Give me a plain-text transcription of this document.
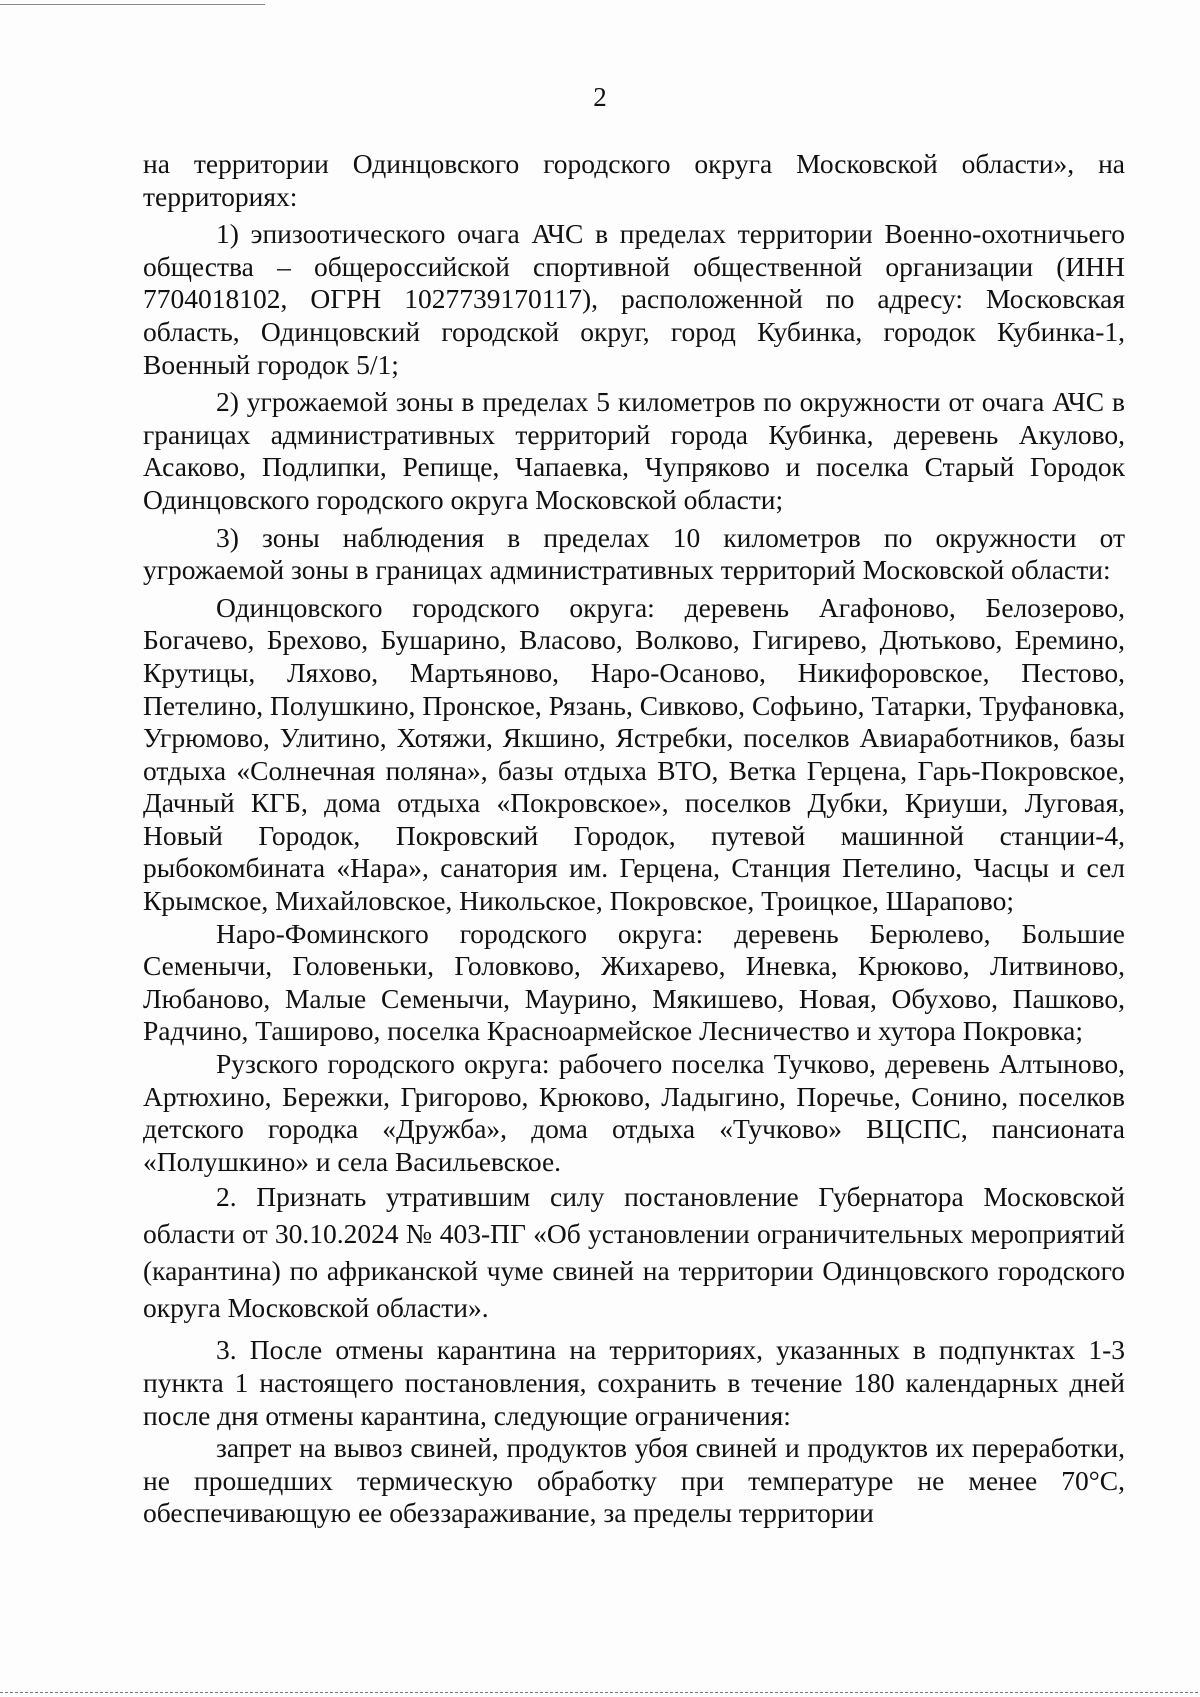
2

на территории Одинцовского городского округа Московской области», на территориях:

1) эпизоотического очага АЧС в пределах территории Военно-охотничьего общества – общероссийской спортивной общественной организации (ИНН 7704018102, ОГРН 1027739170117), расположенной по адресу: Московская область, Одинцовский городской округ, город Кубинка, городок Кубинка-1, Военный городок 5/1;

2) угрожаемой зоны в пределах 5 километров по окружности от очага АЧС в границах административных территорий города Кубинка, деревень Акулово, Асаково, Подлипки, Репище, Чапаевка, Чупряково и поселка Старый Городок Одинцовского городского округа Московской области;

3) зоны наблюдения в пределах 10 километров по окружности от угрожаемой зоны в границах административных территорий Московской области:

Одинцовского городского округа: деревень Агафоново, Белозерово, Богачево, Брехово, Бушарино, Власово, Волково, Гигирево, Дютьково, Еремино, Крутицы, Ляхово, Мартьяново, Наро-Осаново, Никифоровское, Пестово, Петелино, Полушкино, Пронское, Рязань, Сивково, Софьино, Татарки, Труфановка, Угрюмово, Улитино, Хотяжи, Якшино, Ястребки, поселков Авиаработников, базы отдыха «Солнечная поляна», базы отдыха ВТО, Ветка Герцена, Гарь-Покровское, Дачный КГБ, дома отдыха «Покровское», поселков Дубки, Криуши, Луговая, Новый Городок, Покровский Городок, путевой машинной станции-4, рыбокомбината «Нара», санатория им. Герцена, Станция Петелино, Часцы и сел Крымское, Михайловское, Никольское, Покровское, Троицкое, Шарапово;

Наро-Фоминского городского округа: деревень Берюлево, Большие Семенычи, Головеньки, Головково, Жихарево, Иневка, Крюково, Литвиново, Любаново, Малые Семенычи, Маурино, Мякишево, Новая, Обухово, Пашково, Радчино, Таширово, поселка Красноармейское Лесничество и хутора Покровка;

Рузского городского округа: рабочего поселка Тучково, деревень Алтыново, Артюхино, Бережки, Григорово, Крюково, Ладыгино, Поречье, Сонино, поселков детского городка «Дружба», дома отдыха «Тучково» ВЦСПС, пансионата «Полушкино» и села Васильевское.

2. Признать утратившим силу постановление Губернатора Московской области от 30.10.2024 № 403-ПГ «Об установлении ограничительных мероприятий (карантина) по африканской чуме свиней на территории Одинцовского городского округа Московской области».

3. После отмены карантина на территориях, указанных в подпунктах 1-3 пункта 1 настоящего постановления, сохранить в течение 180 календарных дней после дня отмены карантина, следующие ограничения:

запрет на вывоз свиней, продуктов убоя свиней и продуктов их переработки, не прошедших термическую обработку при температуре не менее 70°С, обеспечивающую ее обеззараживание, за пределы территории
